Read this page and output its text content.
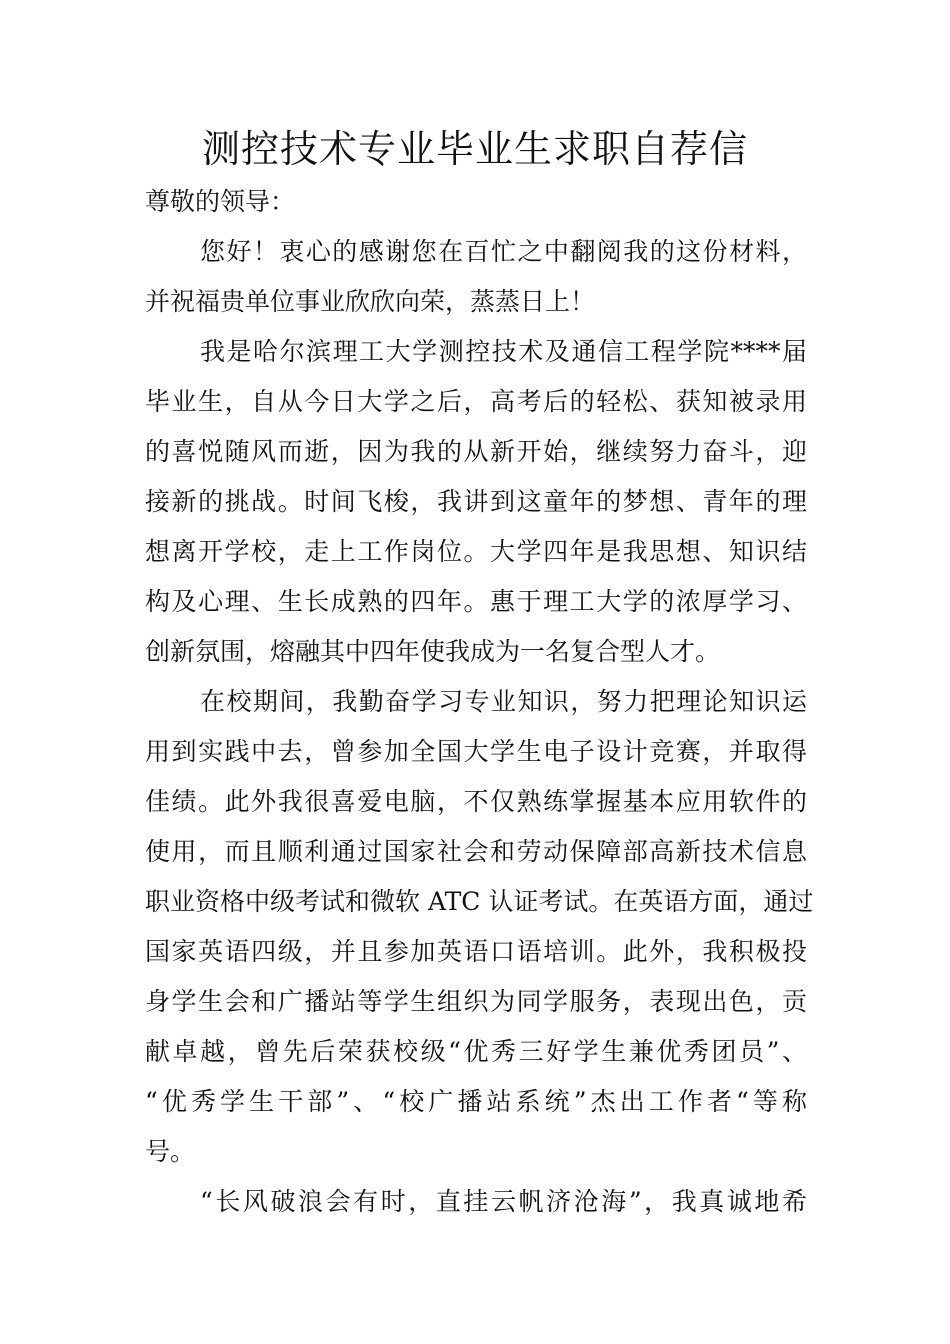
测控技术专业毕业生求职自荐信

尊敬的领导：

您好！衷心的感谢您在百忙之中翻阅我的这份材料，
并祝福贵单位事业欣欣向荣，蒸蒸日上！

我是哈尔滨理工大学测控技术及通信工程学院****届
毕业生，自从今日大学之后，高考后的轻松、获知被录用
的喜悦随风而逝，因为我的从新开始，继续努力奋斗，迎
接新的挑战。时间飞梭，我讲到这童年的梦想、青年的理
想离开学校，走上工作岗位。大学四年是我思想、知识结
构及心理、生长成熟的四年。惠于理工大学的浓厚学习、
创新氛围，熔融其中四年使我成为一名复合型人才。

在校期间，我勤奋学习专业知识，努力把理论知识运
用到实践中去，曾参加全国大学生电子设计竞赛，并取得
佳绩。此外我很喜爱电脑，不仅熟练掌握基本应用软件的
使用，而且顺利通过国家社会和劳动保障部高新技术信息
职业资格中级考试和微软 ATC 认证考试。在英语方面，通过
国家英语四级，并且参加英语口语培训。此外，我积极投
身学生会和广播站等学生组织为同学服务，表现出色，贡
献卓越，曾先后荣获校级“优秀三好学生兼优秀团员”、
“优秀学生干部”、“校广播站系统”杰出工作者“等称
号。

“长风破浪会有时，直挂云帆济沧海”，我真诚地希
